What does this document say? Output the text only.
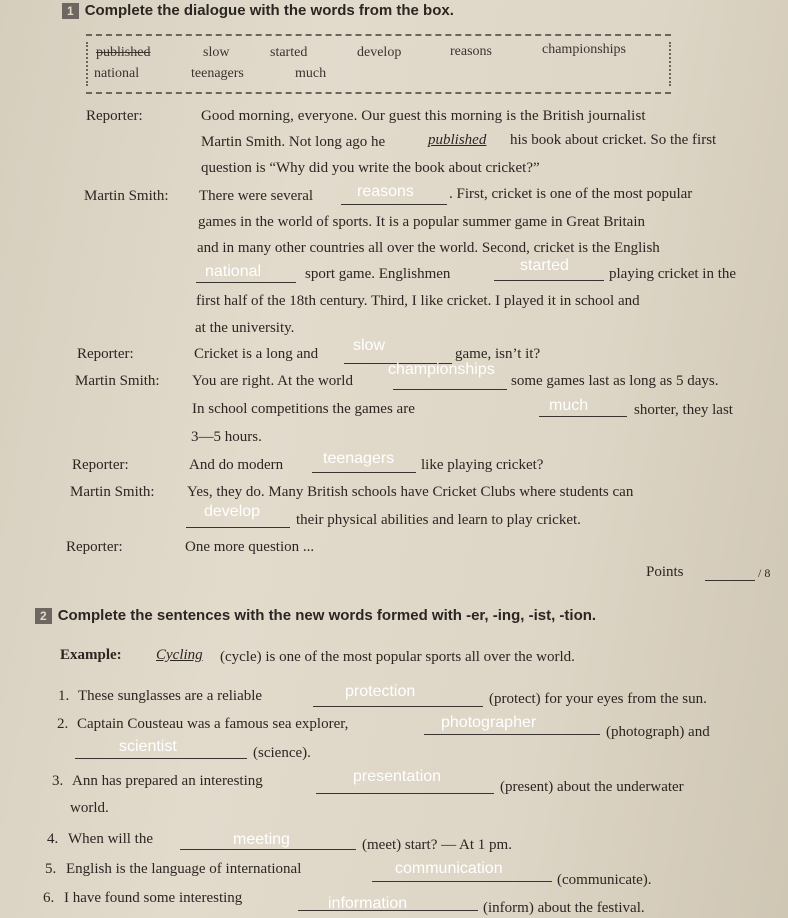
1 Complete the dialogue with the words from the box.
published	slow	started	develop	reasons	championships
national	teenagers	much
Reporter:	Good morning, everyone. Our guest this morning is the British journalist
Martin Smith. Not long ago he	published his book about cricket. So the first
question is “Why did you write the book about cricket?”
Martin Smith: There were several	reasons . First, cricket is one of the most popular
games in the world of sports. It is a popular summer game in Great Britain
and in many other countries all over the world. Second, cricket is the English
national	sport game. Englishmen	started	playing cricket in the
first half of the 18th century. Third, I like cricket. I played it in school and
at the university.
Reporter:	Cricket is a long and slow	game, isn’t it?
Martin Smith: You are right. At the world
championships
some games last as long as 5 days.
In school competitions the games are	much	shorter, they last
3—5 hours.
Reporter:	And do modern teenagers like playing cricket?
Martin Smith: Yes, they do. Many British schools have Cricket Clubs where students can
develop their physical abilities and learn to play cricket.
Reporter:	One more question ...
Points	/ 8
2 Complete the sentences with the new words formed with -er, -ing, -ist, -tion.
Example: Cycling (cycle) is one of the most popular sports all over the world.
1. These sunglasses are a reliable	protection	(protect) for your eyes from the sun.
2. Captain Cousteau was a famous sea explorer,	photographer
(photograph) and
scientist	(science).
3. Ann has prepared an interesting	presentation
(present) about the underwater
world.
4. When will the	meeting	(meet) start? — At 1 pm.
5. English is the language of international	communication
(communicate).
6. I have found some interesting	information	(inform) about the festival.
